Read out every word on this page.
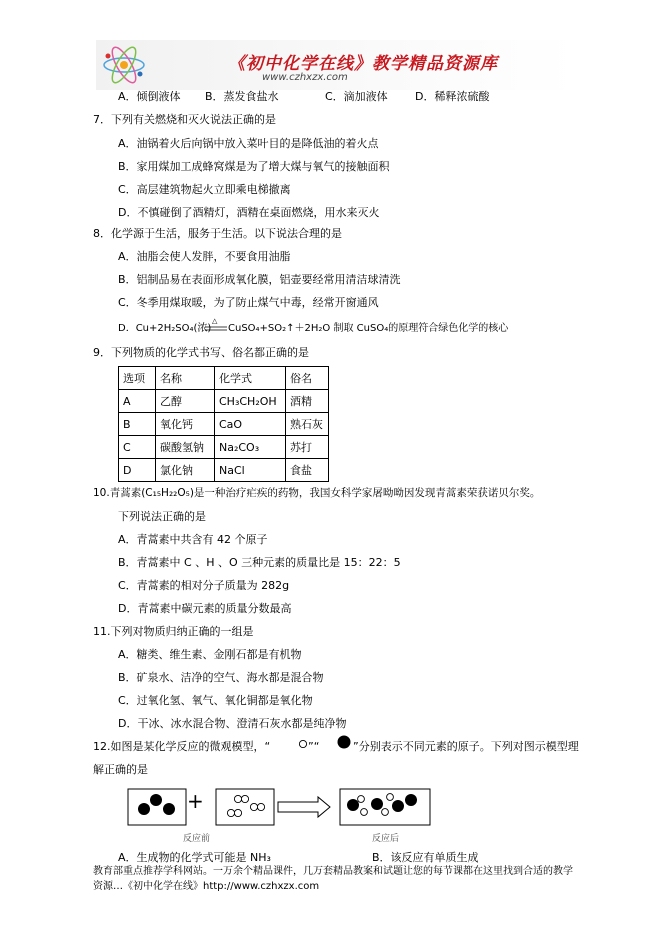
《初中化学在线》教学精品资源库
www.czhxzx.com
A．倾倒液体 B．蒸发食盐水	C．滴加液体 D．稀释浓硫酸
7．下列有关燃烧和灭火说法正确的是
A．油锅着火后向锅中放入菜叶目的是降低油的着火点
B．家用煤加工成蜂窝煤是为了增大煤与氧气的接触面积
C．高层建筑物起火立即乘电梯撤离
D．不慎碰倒了酒精灯，酒精在桌面燃烧，用水来灭火
8．化学源于生活，服务于生活。以下说法合理的是
A．油脂会使人发胖，不要食用油脂
B．铝制品易在表面形成氧化膜，铝壶要经常用清洁球清洗
C．冬季用煤取暖，为了防止煤气中毒，经常开窗通风
D．Cu+2H₂SO₄(浓)
△
CuSO₄+SO₂↑＋2H₂O 制取 CuSO₄的原理符合绿色化学的核心
9．下列物质的化学式书写、俗名都正确的是
选项	名称	化学式	俗名
A	乙醇	CH₃CH₂OH	酒精
B	氧化钙	CaO	熟石灰
C	碳酸氢钠	Na₂CO₃	苏打
D	氯化钠	NaCl	食盐
10.青蒿素(C₁₅H₂₂O₅)是一种治疗疟疾的药物，我国女科学家屠呦呦因发现青蒿素荣获诺贝尔奖。
下列说法正确的是
A．青蒿素中共含有 42 个原子
B．青蒿素中 C 、H 、O 三种元素的质量比是 15：22：5
C．青蒿素的相对分子质量为 282g
D．青蒿素中碳元素的质量分数最高
11.下列对物质归纳正确的一组是
A．糖类、维生素、金刚石都是有机物
B．矿泉水、洁净的空气、海水都是混合物
C．过氧化氢、氧气、氧化铜都是氧化物
D．干冰、冰水混合物、澄清石灰水都是纯净物
12.如图是某化学反应的微观模型，“	”“	”分别表示不同元素的原子。下列对图示模型理
解正确的是
+
反应前	反应后
A．生成物的化学式可能是 NH₃	B．该反应有单质生成
教育部重点推荐学科网站。一万余个精品课件，几万套精品教案和试题让您的每节课都在这里找到合适的教学
资源…《初中化学在线》http://www.czhxzx.com
